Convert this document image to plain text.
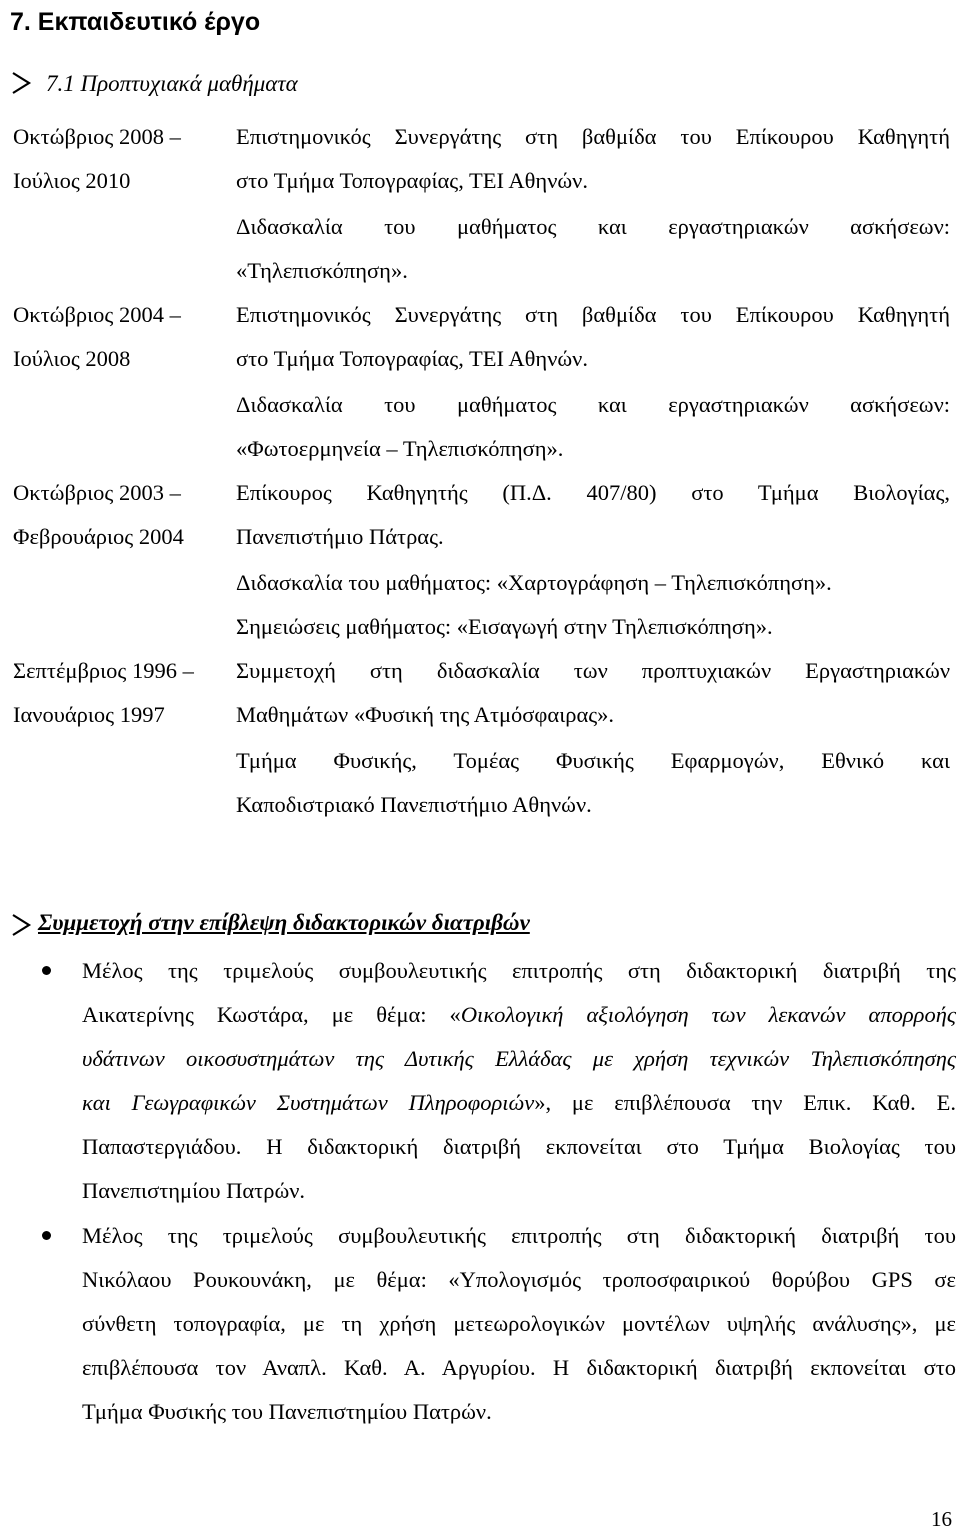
7. Εκπαιδευτικό έργο
7.1 Προπτυχιακά μαθήματα
Οκτώβριος 2008 –
Ιούλιος 2010
Επιστημονικός Συνεργάτης στη βαθμίδα του Επίκουρου Καθηγητή
στο Τμήμα Τοπογραφίας, ΤΕΙ Αθηνών.
Διδασκαλία του μαθήματος και εργαστηριακών ασκήσεων:
«Τηλεπισκόπηση».
Οκτώβριος 2004 –
Ιούλιος 2008
Επιστημονικός Συνεργάτης στη βαθμίδα του Επίκουρου Καθηγητή
στο Τμήμα Τοπογραφίας, ΤΕΙ Αθηνών.
Διδασκαλία του μαθήματος και εργαστηριακών ασκήσεων:
«Φωτοερμηνεία – Τηλεπισκόπηση».
Οκτώβριος 2003 –
Φεβρουάριος 2004
Επίκουρος Καθηγητής (Π.Δ. 407/80) στο Τμήμα Βιολογίας,
Πανεπιστήμιο Πάτρας.
Διδασκαλία του μαθήματος: «Χαρτογράφηση – Τηλεπισκόπηση».
Σημειώσεις μαθήματος: «Εισαγωγή στην Τηλεπισκόπηση».
Σεπτέμβριος 1996 –
Ιανουάριος 1997
Συμμετοχή στη διδασκαλία των προπτυχιακών Εργαστηριακών
Μαθημάτων «Φυσική της Ατμόσφαιρας».
Τμήμα Φυσικής, Τομέας Φυσικής Εφαρμογών, Εθνικό και
Καποδιστριακό Πανεπιστήμιο Αθηνών.
Συμμετοχή στην επίβλεψη διδακτορικών διατριβών
Μέλος της τριμελούς συμβουλευτικής επιτροπής στη διδακτορική διατριβή της
Αικατερίνης Κωστάρα, με θέμα: «Οικολογική αξιολόγηση των λεκανών απορροής
υδάτινων οικοσυστημάτων της Δυτικής Ελλάδας με χρήση τεχνικών Τηλεπισκόπησης
και Γεωγραφικών Συστημάτων Πληροφοριών», με επιβλέπουσα την Επικ. Καθ. Ε.
Παπαστεργιάδου. Η διδακτορική διατριβή εκπονείται στο Τμήμα Βιολογίας του
Πανεπιστημίου Πατρών.
Μέλος της τριμελούς συμβουλευτικής επιτροπής στη διδακτορική διατριβή του
Νικόλαου Ρουκουνάκη, με θέμα: «Υπολογισμός τροποσφαιρικού θορύβου GPS σε
σύνθετη τοπογραφία, με τη χρήση μετεωρολογικών μοντέλων υψηλής ανάλυσης», με
επιβλέπουσα τον Αναπλ. Καθ. Α. Αργυρίου. Η διδακτορική διατριβή εκπονείται στο
Τμήμα Φυσικής του Πανεπιστημίου Πατρών.
16
